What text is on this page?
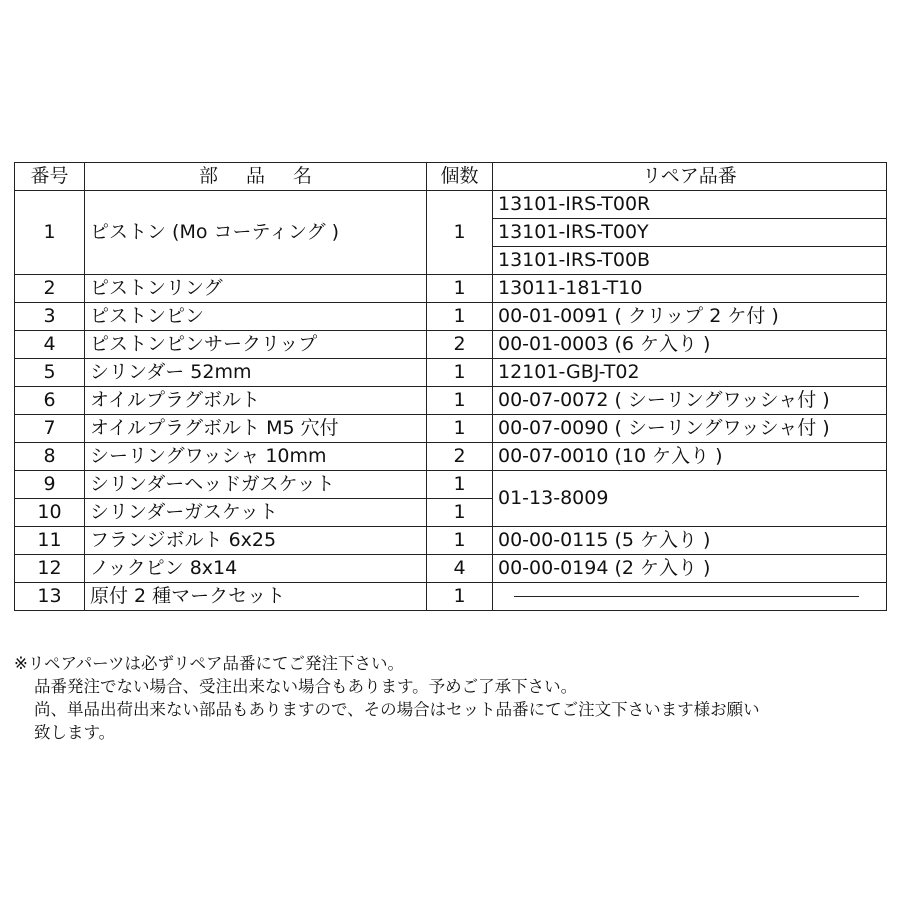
番号	部品名	個数	リペア品番
1	ピストン (Mo コーティング )	1	13101-IRS-T00R
			13101-IRS-T00Y
			13101-IRS-T00B
2	ピストンリング	1	13011-181-T10
3	ピストンピン	1	00-01-0091 ( クリップ 2 ケ付 )
4	ピストンピンサークリップ	2	00-01-0003 (6 ケ入り )
5	シリンダー 52mm	1	12101-GBJ-T02
6	オイルプラグボルト	1	00-07-0072 ( シーリングワッシャ付 )
7	オイルプラグボルト M5 穴付	1	00-07-0090 ( シーリングワッシャ付 )
8	シーリングワッシャ 10mm	2	00-07-0010 (10 ケ入り )
9	シリンダーヘッドガスケット	1	01-13-8009
10	シリンダーガスケット	1	
11	フランジボルト 6x25	1	00-00-0115 (5 ケ入り )
12	ノックピン 8x14	4	00-00-0194 (2 ケ入り )
13	原付 2 種マークセット	1	

※リペアパーツは必ずリペア品番にてご発注下さい。

品番発注でない場合、受注出来ない場合もあります。予めご了承下さい。

尚、単品出荷出来ない部品もありますので、その場合はセット品番にてご注文下さいます様お願い

致します。
